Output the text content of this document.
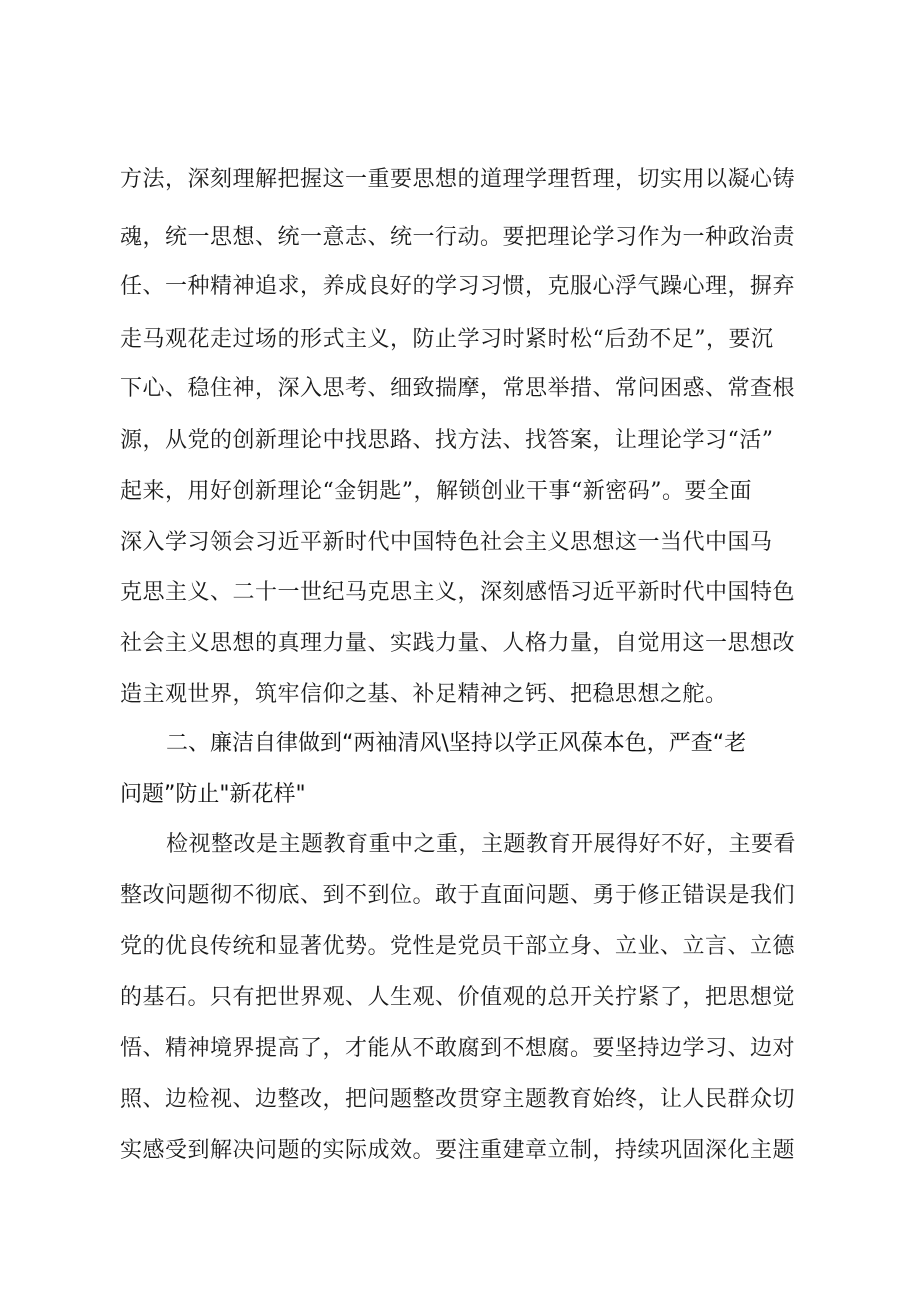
方法，深刻理解把握这一重要思想的道理学理哲理，切实用以凝心铸
魂，统一思想、统一意志、统一行动。要把理论学习作为一种政治责
任、一种精神追求，养成良好的学习习惯，克服心浮气躁心理，摒弃
走马观花走过场的形式主义，防止学习时紧时松“后劲不足”，要沉
下心、稳住神，深入思考、细致揣摩，常思举措、常问困惑、常查根
源，从党的创新理论中找思路、找方法、找答案，让理论学习“活”
起来，用好创新理论“金钥匙”，解锁创业干事“新密码”。要全面
深入学习领会习近平新时代中国特色社会主义思想这一当代中国马
克思主义、二十一世纪马克思主义，深刻感悟习近平新时代中国特色
社会主义思想的真理力量、实践力量、人格力量，自觉用这一思想改
造主观世界，筑牢信仰之基、补足精神之钙、把稳思想之舵。
二、廉洁自律做到“两袖清风\坚持以学正风葆本色，严查“老
问题”防止"新花样"
检视整改是主题教育重中之重，主题教育开展得好不好，主要看
整改问题彻不彻底、到不到位。敢于直面问题、勇于修正错误是我们
党的优良传统和显著优势。党性是党员干部立身、立业、立言、立德
的基石。只有把世界观、人生观、价值观的总开关拧紧了，把思想觉
悟、精神境界提高了，才能从不敢腐到不想腐。要坚持边学习、边对
照、边检视、边整改，把问题整改贯穿主题教育始终，让人民群众切
实感受到解决问题的实际成效。要注重建章立制，持续巩固深化主题
